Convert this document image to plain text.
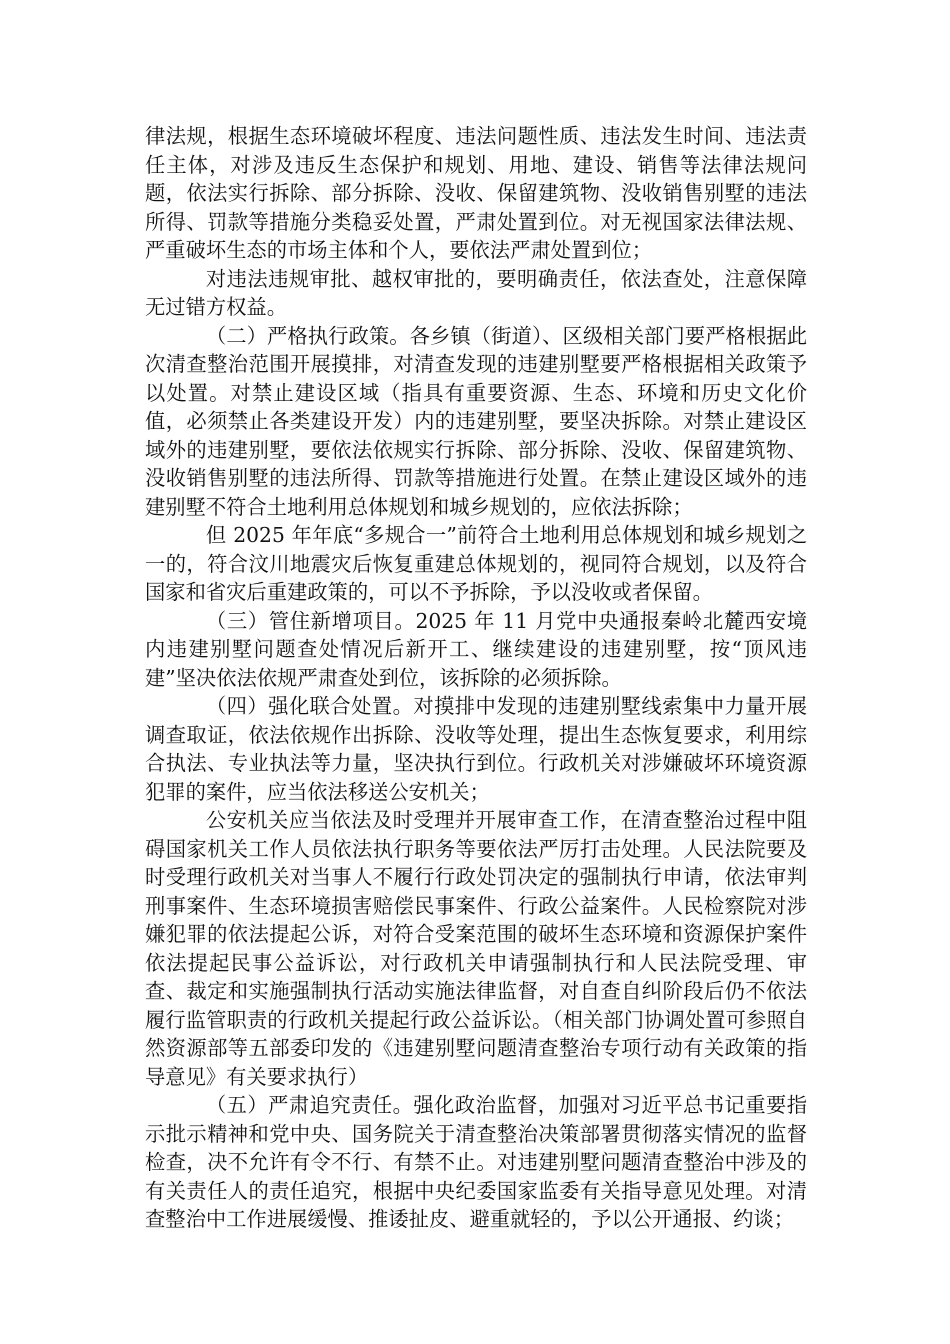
律法规，根据生态环境破坏程度、违法问题性质、违法发生时间、违法责任主体，对涉及违反生态保护和规划、用地、建设、销售等法律法规问题，依法实行拆除、部分拆除、没收、保留建筑物、没收销售别墅的违法所得、罚款等措施分类稳妥处置，严肃处置到位。对无视国家法律法规、严重破坏生态的市场主体和个人，要依法严肃处置到位；

对违法违规审批、越权审批的，要明确责任，依法查处，注意保障无过错方权益。

（二）严格执行政策。各乡镇（街道）、区级相关部门要严格根据此次清查整治范围开展摸排，对清查发现的违建别墅要严格根据相关政策予以处置。对禁止建设区域（指具有重要资源、生态、环境和历史文化价值，必须禁止各类建设开发）内的违建别墅，要坚决拆除。对禁止建设区域外的违建别墅，要依法依规实行拆除、部分拆除、没收、保留建筑物、没收销售别墅的违法所得、罚款等措施进行处置。在禁止建设区域外的违建别墅不符合土地利用总体规划和城乡规划的，应依法拆除；

但 2025 年年底“多规合一”前符合土地利用总体规划和城乡规划之一的，符合汶川地震灾后恢复重建总体规划的，视同符合规划，以及符合国家和省灾后重建政策的，可以不予拆除，予以没收或者保留。

（三）管住新增项目。2025 年 11 月党中央通报秦岭北麓西安境内违建别墅问题查处情况后新开工、继续建设的违建别墅，按“顶风违建”坚决依法依规严肃查处到位，该拆除的必须拆除。

（四）强化联合处置。对摸排中发现的违建别墅线索集中力量开展调查取证，依法依规作出拆除、没收等处理，提出生态恢复要求，利用综合执法、专业执法等力量，坚决执行到位。行政机关对涉嫌破坏环境资源犯罪的案件，应当依法移送公安机关；

公安机关应当依法及时受理并开展审查工作，在清查整治过程中阻碍国家机关工作人员依法执行职务等要依法严厉打击处理。人民法院要及时受理行政机关对当事人不履行行政处罚决定的强制执行申请，依法审判刑事案件、生态环境损害赔偿民事案件、行政公益案件。人民检察院对涉嫌犯罪的依法提起公诉，对符合受案范围的破坏生态环境和资源保护案件依法提起民事公益诉讼，对行政机关申请强制执行和人民法院受理、审查、裁定和实施强制执行活动实施法律监督，对自查自纠阶段后仍不依法履行监管职责的行政机关提起行政公益诉讼。（相关部门协调处置可参照自然资源部等五部委印发的《违建别墅问题清查整治专项行动有关政策的指导意见》有关要求执行）

（五）严肃追究责任。强化政治监督，加强对习近平总书记重要指示批示精神和党中央、国务院关于清查整治决策部署贯彻落实情况的监督检查，决不允许有令不行、有禁不止。对违建别墅问题清查整治中涉及的有关责任人的责任追究，根据中央纪委国家监委有关指导意见处理。对清查整治中工作进展缓慢、推诿扯皮、避重就轻的，予以公开通报、约谈；
